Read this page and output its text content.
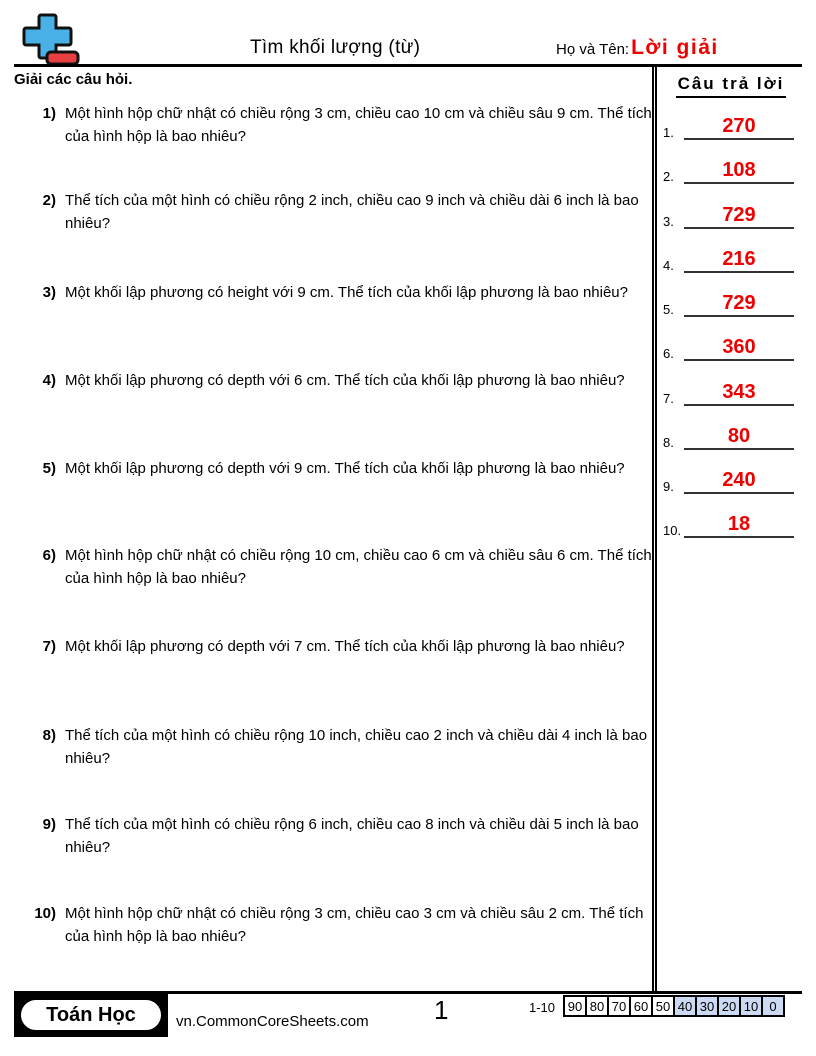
Tìm khối lượng (từ)	Họ và Tên: Lời giải
Giải các câu hỏi.
1) Một hình hộp chữ nhật có chiều rộng 3 cm, chiều cao 10 cm và chiều sâu 9 cm. Thể tích của hình hộp là bao nhiêu?
2) Thể tích của một hình có chiều rộng 2 inch, chiều cao 9 inch và chiều dài 6 inch là bao nhiêu?
3) Một khối lập phương có height với 9 cm. Thể tích của khối lập phương là bao nhiêu?
4) Một khối lập phương có depth với 6 cm. Thể tích của khối lập phương là bao nhiêu?
5) Một khối lập phương có depth với 9 cm. Thể tích của khối lập phương là bao nhiêu?
6) Một hình hộp chữ nhật có chiều rộng 10 cm, chiều cao 6 cm và chiều sâu 6 cm. Thể tích của hình hộp là bao nhiêu?
7) Một khối lập phương có depth với 7 cm. Thể tích của khối lập phương là bao nhiêu?
8) Thể tích của một hình có chiều rộng 10 inch, chiều cao 2 inch và chiều dài 4 inch là bao nhiêu?
9) Thể tích của một hình có chiều rộng 6 inch, chiều cao 8 inch và chiều dài 5 inch là bao nhiêu?
10) Một hình hộp chữ nhật có chiều rộng 3 cm, chiều cao 3 cm và chiều sâu 2 cm. Thể tích của hình hộp là bao nhiêu?
Câu trả lời
1.	270
2.	108
3.	729
4.	216
5.	729
6.	360
7.	343
8.	80
9.	240
10.	18
Toán Học	vn.CommonCoreSheets.com	1	1-10 90	80	70	60	50	40	30	20	10	0
